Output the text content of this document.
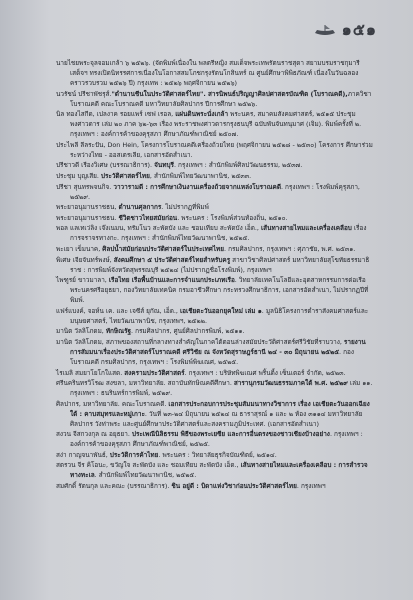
๑๕๑

นายไชยพระจุลจอมเกล้า ๖ ๒๕๒๖. (จัดพิมพ์เนื่องใน พลตรีหญิง สมเด็จพระเทพรัตนราชสุดา สยามบรมราชกุมารี เสด็จฯ ทรงเปิดนิทรรศการเนื่องในโอกาสสมโภชกรุงรัตนโกสินทร์ ณ ศูนย์ศึกษาพิพิธภัณฑ์ เนื่องในวันฉลองคราวรวบรวม ๒๕๒๖ ปี) กรุงเทพ : ๒๕๒๖ พฤศจิกายน ๒๕๒๖)

นวรัชน์ ปรีชาพัชรุส์."ตำนานชีนในประวัติศาสตร์ไทย". สารนิพนธ์ปริญญาศิลปศาสตรบัณฑิต (โบราณคดี),ภาควิชาโบราณคดี คณะโบราณคดี มหาวิทยาลัยศิลปากร ปีการศึกษา ๒๕๒๖.

นิล ทองไสกีด, เปลงาค รอยแพร์ เซฟ เรอล, แผ่นดินพระนั่งเกล้า พระนคร, สมาคมสังคมศาสตร์, ๒๕๑๕ ประชุมพงศาวดาร เล่ม ๒๐ ภาค ๖๒-๖๓ เรื่อง พระราชพงศาวดารกรุงธนบุรี ฉบับพันจันทนุมาศ (เจิม). พิมพ์ครั้งที่ ๒. กรุงเทพฯ : องค์การค้าของคุรุสภา ศึกษาภัณฑ์พาณิชย์ ๒๕๐๗.

ประไพลี ลีลระปัน, Don Hein, โครงการโบราณคดีเครื่องถ้วยไทย (พฤศจิกายน ๒๕๒๘ - ๒๕๓๐) โครงการ ศึกษาร่วมระหว่างไทย - ออสเตรเลีย, เอกสารอัดสำเนา.

ปรีชาวดี เรืองวิเศษ (บรรณาธิการ). จันทบุรี. กรุงเทพฯ : สำนักพิมพ์ศิลปวัฒนธรรม, ๒๕๓๗.

ประชุม บุญเสีย. ประวัติศาสตร์ไทย, สำนักพิมพ์ไทยวัฒนาพานิช, ๒๕๓๓.

ปรีชา สุนทรพจนกิจ. วาวารามดี : การศึกษาเงินงานเครื่องถ้วยจากแหล่งโบราณคดี. กรุงเทพฯ : โรงพิมพ์คุรุสภา, ๒๕๒๙.

พระยาอนุมานราชธน, ตำนานศุลกากร. ไม่ปรากฏที่พิมพ์

พระยาอนุมานราชธน. ชีวิตชาวไทยสมัยก่อน. พระนคร : โรงพิมพ์ส่วนท้องถิ่น, ๒๕๑๐.

พอล แลเทเว่ลิง เจ๊งเนมน, ทรัมโนว สะพัดบัง และ ชอมเทียบ สะพัดบัง เอ็ด., เส้นทางสายไหมและเครื่องเคลือบ เรื่องการจราจรทางกะ. กรุงเทพฯ : สำนักพิมพ์ไทยวัฒนาพานิช, ๒๕๒๕.

พะเยา เข็มนาค, ศิลปน้ำสมัยก่อนประวัติศาสตร์ในประเทศไทย. กรมศิลปากร, กรุงเทพฯ : ศุภาชัย, พ.ศ. ๒๕๓๑.

พิเศษ เจียจันทร์พงษ์, สังคมศึกษา ๕ ประวัติศาสตร์ไทยสำหรับครู สาขาวิชาศิลปศาสตร์ มหาวิทยาลัยสุโขทัยธรรมาธิราช : การพิมพ์จังหวัดสุพรรณบุรี ๒๕๒๔ (ไม่ปรากฏชื่อโรงพิมพ์), กรุงเทพฯ

ไพฑูรย์ ขาวมาลา, เรือไทย เรือพื้นบ้านและการจำแนกประเภทเรือ. วิทยาลัยเทคโนโลยีและอุตสาหกรรมการต่อเรือพระนครศรีอยุธยา, กองวิทยาลัยเทคนิค กรมอาชีวศึกษา กระทรวงศึกษาธิการ, เอกสารอัดสำเนา, ไม่ปรากฏปีที่พิมพ์.

แฟร์แบงค์, จอห์น เค. และ เจซีส์ ยุกัณ, เอ็ด., เอเชียตะวันออกยุคใหม่ เล่ม ๑. มูลนิธิโครงการตำราสังคมศาสตร์และมนุษยศาสตร์, ไทยวัฒนาพานิช, กรุงเทพฯ, ๒๕๒๒.

มานิต วัลลิโภดม, ทักษิณรัฐ. กรมศิลปากร, ศูนย์ศิลปากรพิมพ์, ๒๕๑๑.

มานิต วัลลิโภดม, สภาพของสถานที่กลางทางสำคัญในภาคใต้ตอนล่างสมัยประวัติศาสตร์ศรีวิชัยที่ราบวาง, รายงานการสัมมนาเรื่องประวัติศาสตร์โบราณคดี ศรีวิชัย ณ จังหวัดสุราษฎร์ธานี ๒๔ - ๓๐ มิถุนายน ๒๕๒๕. กองโบราณคดี กรมศิลปากร, กรุงเทพฯ : โรงพิมพ์พิฆเณศ, ๒๕๒๕.

ไรเมลิ สมยาโยโกใแสด. สงครามประวัติศาสตร์. กรุงเทพฯ : บริษัทพิฆเณศ พริ้นติ้ง เซ็นเตอร์ จำกัด, ๒๕๒๓.

ศรีนครินทรวิโรฒ สงขลา, มหาวิทยาลัย. สถาบันทักษิณคดีศึกษา. สารานุกรมวัฒนธรรมภาคใต้ พ.ศ. ๒๕๒๙ เล่ม ๑๑. กรุงเทพฯ : ธนรินทร์การพิมพ์, ๒๕๒๙.

ศิลปากร, มหาวิทยาลัย. คณะโบราณคดี. เอกสารประกอบการประชุมสัมมนาทางวิชาการ เรื่อง เอเชียตะวันออกเฉียงใต้ : คาบสมุทรและหมู่เกาะ. วันที่ ๒๓-๒๔ มิถุนายน ๒๕๒๔ ณ ธาราสุรณ์ ๑ และ ๒ ห้อง ๓๑๑๔ มหาวิทยาลัยศิลปากร วังท่าพระ และศูนย์ศึกษาประวัติศาสตร์และสงครามภูมิประเทศ. (เอกสารอัดสำเนา)

สงวน จีสกวงกุล ณ อยุธยา. ประเพณีนิลิธรรม พิธีของพระเยซีย และการอื่นตรงของชาวเชียงบ้างอย่าง. กรุงเทพฯ : องค์การค้าของคุรุสภา ศึกษาภัณฑ์พาณิชย์, ๒๕๒๕.

สง่า กาญจนาพันธ์, ประวัติการค้าไทย. พระนคร : วิทยาลัยธุรกิจบัณฑิตย์, ๒๕๑๔.

สตรวน จีร คิโอนะ, ขวัญใจ สะพัดบัง และ ชอมเทียบ สะพัดบัง เอ็ด., เส้นทางสายไหมและเครื่องเคลือบ : การสำรวจทางทะเล. สำนักพิมพ์ไทยวัฒนาพานิช, ๒๕๒๕.

สมศักดิ์ รัตนกุล และคณะ (บรรณาธิการ). ชิน อยู่ดี : บิดาแห่งวิชาก่อนประวัติศาสตร์ไทย. กรุงเทพฯ
